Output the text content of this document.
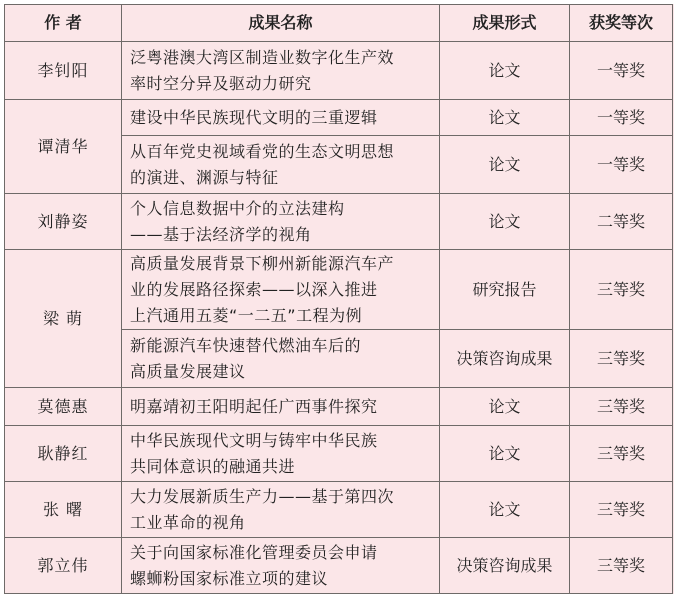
作 者	成果名称	成果形式	获奖等次
李钊阳	泛粤港澳大湾区制造业数字化生产效
率时空分异及驱动力研究	论文	一等奖
谭清华	建设中华民族现代文明的三重逻辑	论文	一等奖

	从百年党史视域看党的生态文明思想
的演进、渊源与特征	论文	一等奖
刘静姿	个人信息数据中介的立法建构
——基于法经济学的视角	论文	二等奖
梁 萌	高质量发展背景下柳州新能源汽车产
业的发展路径探索——以深入推进
上汽通用五菱“一二五”工程为例	研究报告	三等奖

	新能源汽车快速替代燃油车后的
高质量发展建议	决策咨询成果	三等奖
莫德惠	明嘉靖初王阳明起任广西事件探究	论文	三等奖
耿静红	中华民族现代文明与铸牢中华民族
共同体意识的融通共进	论文	三等奖
张 曙	大力发展新质生产力——基于第四次
工业革命的视角	论文	三等奖
郭立伟	关于向国家标准化管理委员会申请
螺蛳粉国家标准立项的建议	决策咨询成果	三等奖
